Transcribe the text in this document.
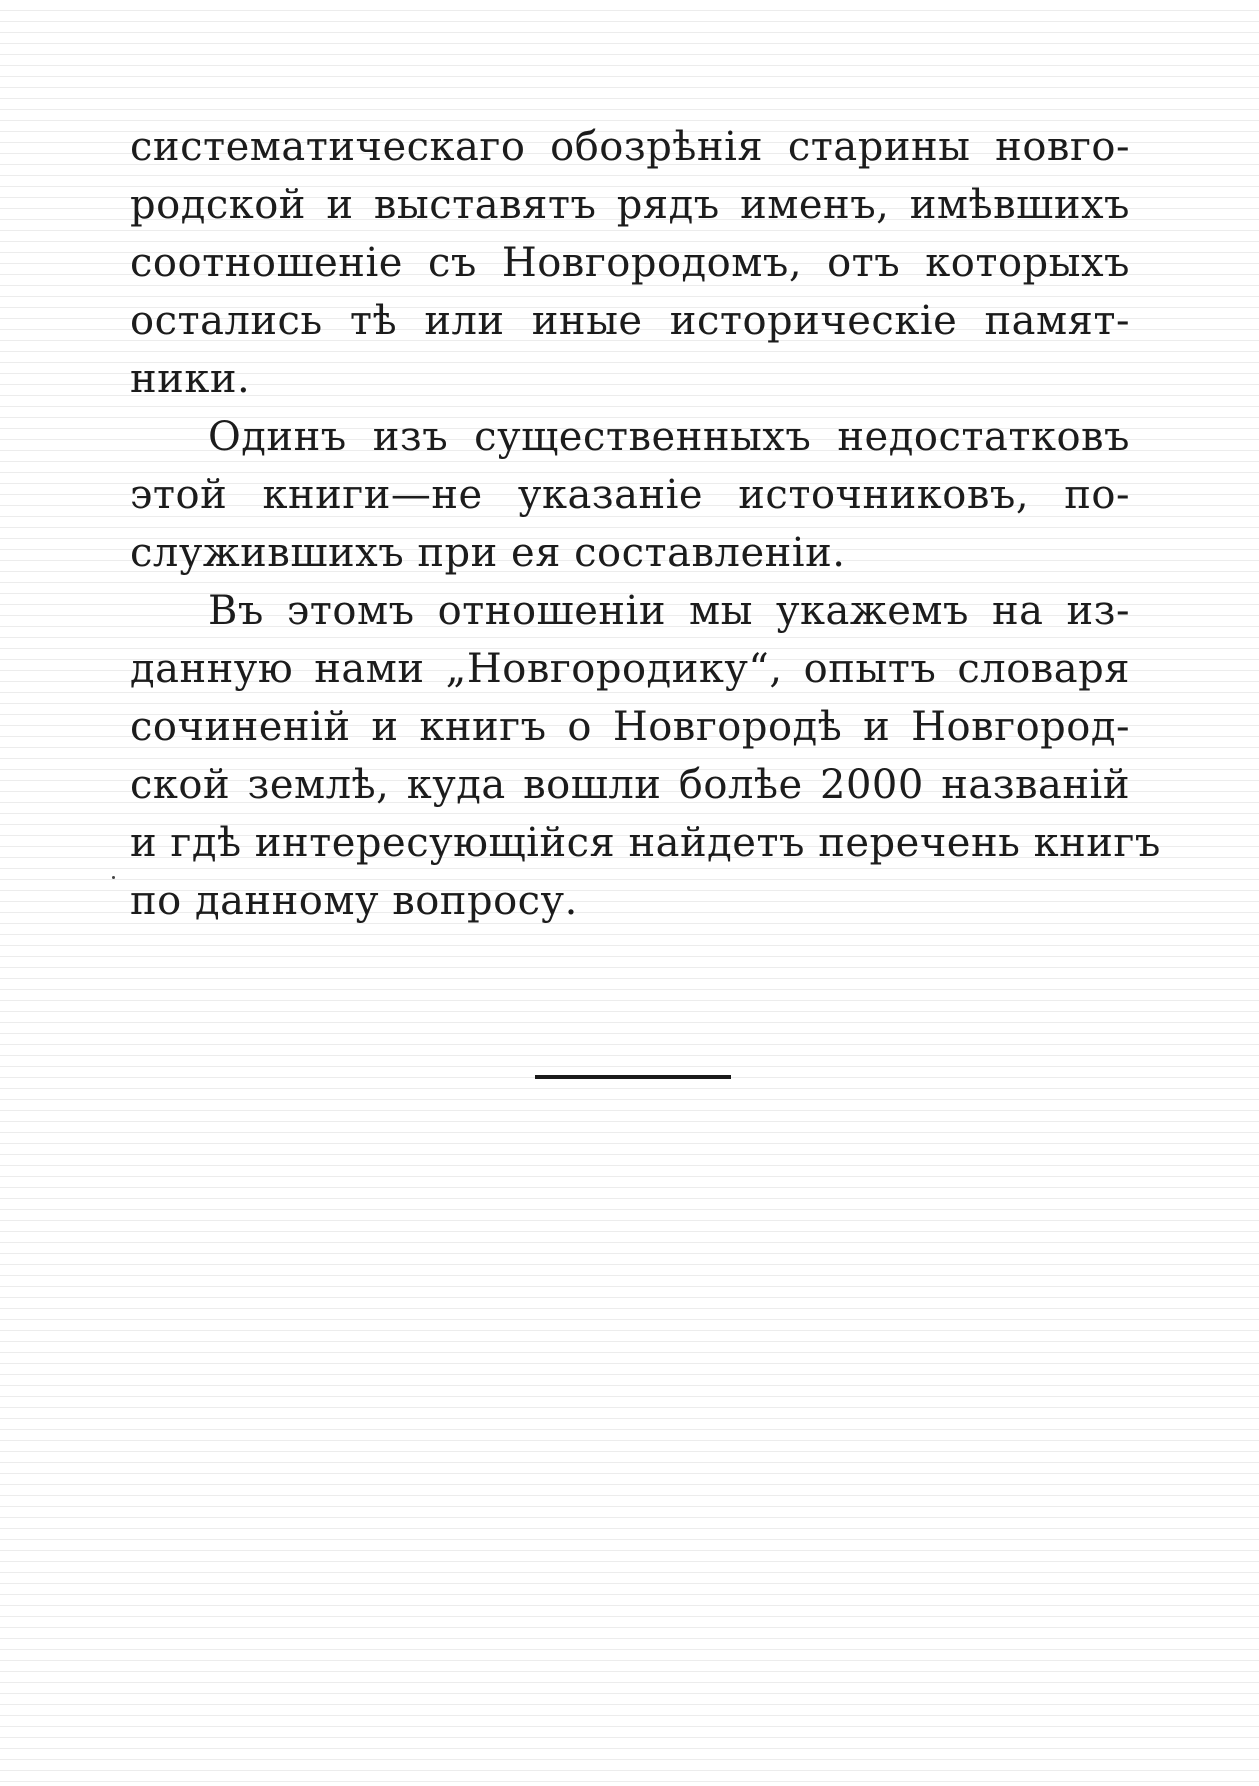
систематическаго обозрѣнія старины новго-
родской и выставятъ рядъ именъ, имѣвшихъ
соотношеніе съ Новгородомъ, отъ которыхъ
остались тѣ или иные историческіе памят-
ники.
Одинъ изъ существенныхъ недостатковъ
этой книги—не указаніе источниковъ, по-
служившихъ при ея составленіи.
Въ этомъ отношеніи мы укажемъ на из-
данную нами „Новгородику“, опытъ словаря
сочиненій и книгъ о Новгородѣ и Новгород-
ской землѣ, куда вошли болѣе 2000 названій
и гдѣ интересующійся найдетъ перечень книгъ
по данному вопросу.
